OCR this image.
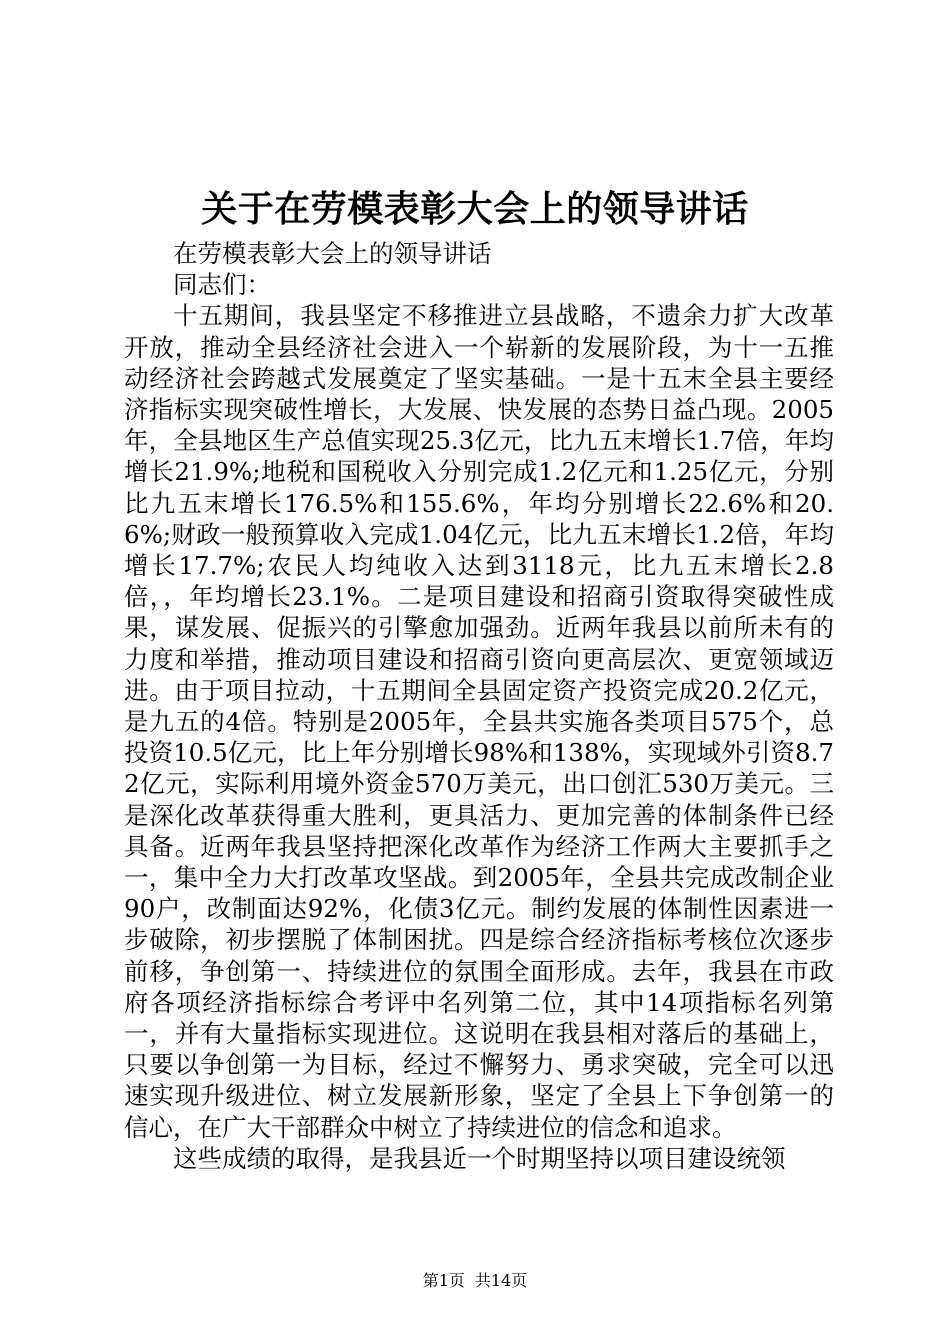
关于在劳模表彰大会上的领导讲话

在劳模表彰大会上的领导讲话

同志们：

十五期间，我县坚定不移推进立县战略，不遗余力扩大改革开放，推动全县经济社会进入一个崭新的发展阶段，为十一五推动经济社会跨越式发展奠定了坚实基础。一是十五末全县主要经济指标实现突破性增长，大发展、快发展的态势日益凸现。2005年，全县地区生产总值实现25.3亿元，比九五末增长1.7倍，年均增长21.9%;地税和国税收入分别完成1.2亿元和1.25亿元，分别比九五末增长176.5%和155.6%，年均分别增长22.6%和20.6%;财政一般预算收入完成1.04亿元，比九五末增长1.2倍，年均增长17.7%;农民人均纯收入达到3118元，比九五末增长2.8倍，，年均增长23.1%。二是项目建设和招商引资取得突破性成果，谋发展、促振兴的引擎愈加强劲。近两年我县以前所未有的力度和举措，推动项目建设和招商引资向更高层次、更宽领域迈进。由于项目拉动，十五期间全县固定资产投资完成20.2亿元，是九五的4倍。特别是2005年，全县共实施各类项目575个，总投资10.5亿元，比上年分别增长98%和138%，实现域外引资8.72亿元，实际利用境外资金570万美元，出口创汇530万美元。三是深化改革获得重大胜利，更具活力、更加完善的体制条件已经具备。近两年我县坚持把深化改革作为经济工作两大主要抓手之一，集中全力大打改革攻坚战。到2005年，全县共完成改制企业90户，改制面达92%，化债3亿元。制约发展的体制性因素进一步破除，初步摆脱了体制困扰。四是综合经济指标考核位次逐步前移，争创第一、持续进位的氛围全面形成。去年，我县在市政府各项经济指标综合考评中名列第二位，其中14项指标名列第一，并有大量指标实现进位。这说明在我县相对落后的基础上，只要以争创第一为目标，经过不懈努力、勇求突破，完全可以迅速实现升级进位、树立发展新形象，坚定了全县上下争创第一的信心，在广大干部群众中树立了持续进位的信念和追求。

这些成绩的取得，是我县近一个时期坚持以项目建设统领

第1页 共14页
